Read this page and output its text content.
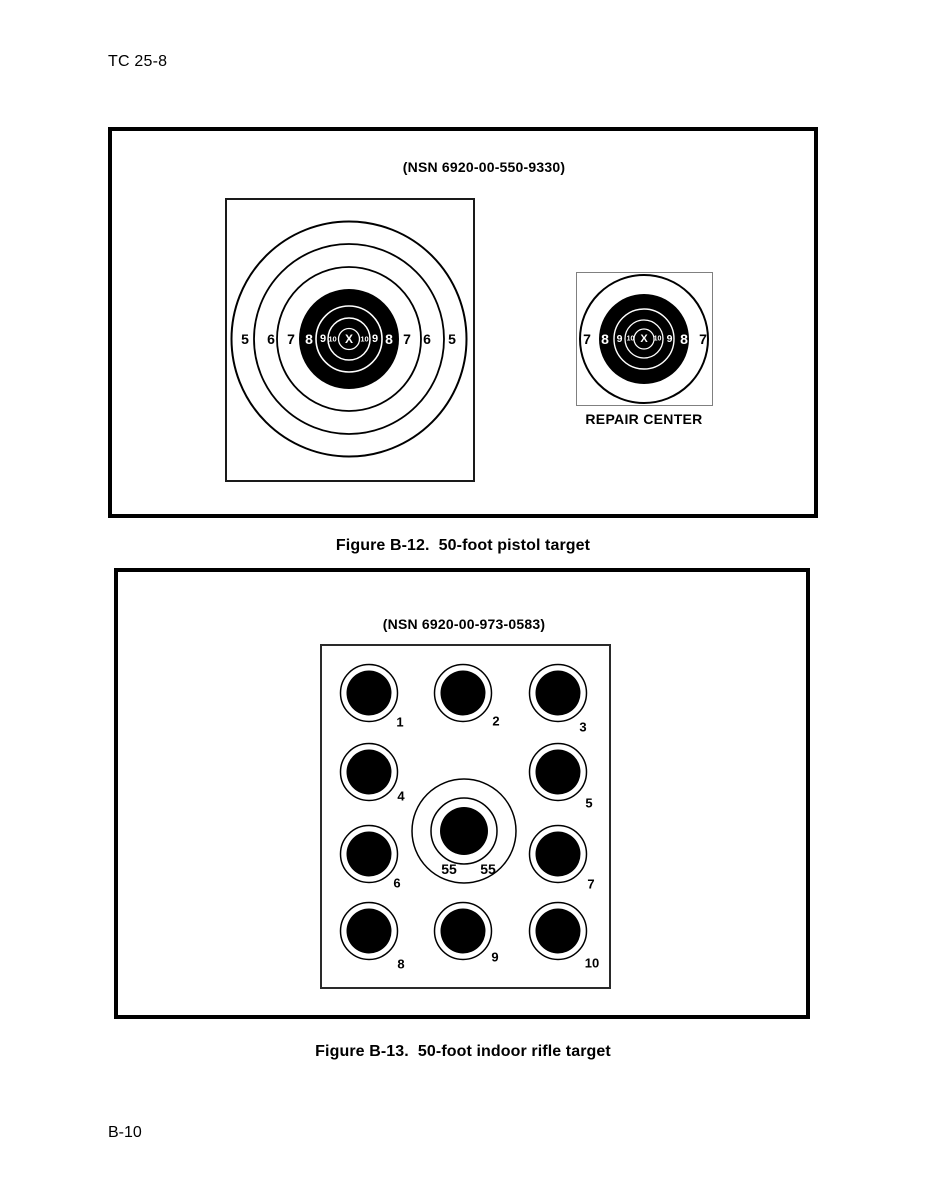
TC 25-8
(NSN 6920-00-550-9330)
5 6 7 8 9 10 X 10 9 8 7 6 5	7 8 9 10 X 10 9 8 7
REPAIR CENTER
Figure B-12.  50-foot pistol target
(NSN 6920-00-973-0583)
1	2	3
4	5
6	7
8	9	10
55 55
Figure B-13.  50-foot indoor rifle target
B-10
